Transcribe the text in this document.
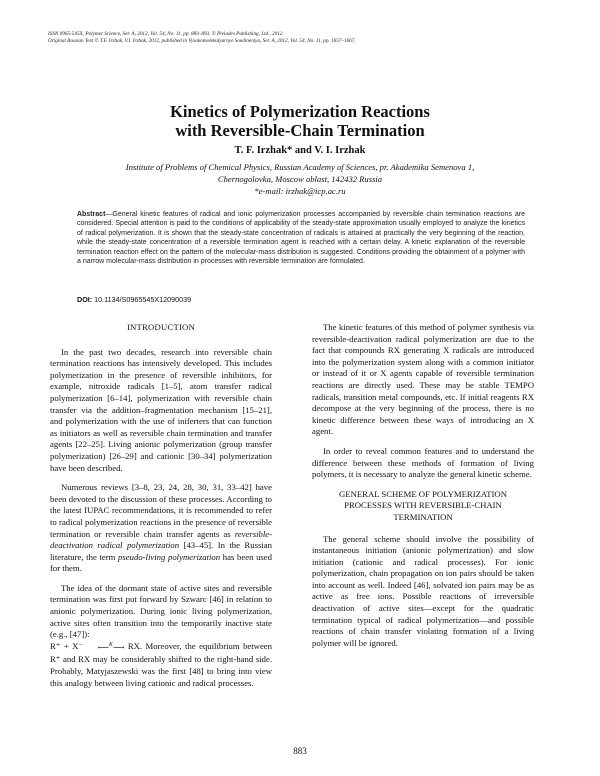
ISSN 0965-545X, Polymer Science, Ser. A, 2012, Vol. 54, No. 11, pp. 883–893. © Pleiades Publishing, Ltd., 2012.
Original Russian Text © T.F. Irzhak, V.I. Irzhak, 2012, published in Vysokomolekulyarnye Soedineniya, Ser. A, 2012, Vol. 54, No. 11, pp. 1657–1667.
Kinetics of Polymerization Reactions
with Reversible-Chain Termination
T. F. Irzhak* and V. I. Irzhak
Institute of Problems of Chemical Physics, Russian Academy of Sciences, pr. Akademika Semenova 1,
Chernogolovka, Moscow oblast, 142432 Russia
*e-mail: irzhak@icp.ac.ru
Abstract—General kinetic features of radical and ionic polymerization processes accompanied by reversible chain termination reactions are considered. Special attention is paid to the conditions of applicability of the steady-state approximation usually employed to analyze the kinetics of radical polymerization. It is shown that the steady-state concentration of radicals is attained at practically the very beginning of the reaction, while the steady-state concentration of a reversible termination agent is reached with a certain delay. A kinetic explanation of the reversible termination reaction effect on the pattern of the molecular-mass distribution is suggested. Conditions providing the obtainment of a polymer with a narrow molecular-mass distribution in processes with reversible termination are formulated.
DOI: 10.1134/S0965545X12090039
INTRODUCTION

In the past two decades, research into reversible chain termination reactions has intensively developed. This includes polymerization in the presence of reversible inhibitors, for example, nitroxide radicals [1–5], atom transfer radical polymerization [6–14], polymerization with reversible chain transfer via the addition–fragmentation mechanism [15–21], and polymerization with the use of iniferters that can function as initiators as well as reversible chain termination and transfer agents [22–25]. Living anionic polymerization (group transfer polymerization) [26–29] and cationic [30–34] polymerization have been described.

Numerous reviews [3–8, 23, 24, 28, 30, 31, 33–42] have been devoted to the discussion of these processes. According to the latest IUPAC recommendations, it is recommended to refer to radical polymerization reactions in the presence of reversible termination or reversible chain transfer agents as reversible-deactivation radical polymerization [43–45]. In the Russian literature, the term pseudo-living polymerization has been used for them.

The idea of the dormant state of active sites and reversible termination was first put forward by Szwarc [46] in relation to anionic polymerization. During ionic living polymerization, active sites often transition into the temporarily inactive state (e.g., [47]):
R⁺ + X⁻ ⟵$^K$⟶ RX. Moreover, the equilibrium between R⁺ and RX may be considerably shifted to the right-hand side. Probably, Matyjaszewski was the first [48] to bring into view this analogy between living cationic and radical processes.

The kinetic features of this method of polymer synthesis via reversible-deactivation radical polymerization are due to the fact that compounds RX generating X radicals are introduced into the polymerization system along with a common initiator or instead of it or X agents capable of reversible termination reactions are directly used. These may be stable TEMPO radicals, transition metal compounds, etc. If initial reagents RX decompose at the very beginning of the process, there is no kinetic difference between these ways of introducing an X agent.

In order to reveal common features and to understand the difference between these methods of formation of living polymers, it is necessary to analyze the general kinetic scheme.

GENERAL SCHEME OF POLYMERIZATION
PROCESSES WITH REVERSIBLE-CHAIN
TERMINATION

The general scheme should involve the possibility of instantaneous initiation (anionic polymerization) and slow initiation (cationic and radical processes). For ionic polymerization, chain propagation on ion pairs should be taken into account as well. Indeed [46], solvated ion pairs may be as active as free ions. Possible reactions of irreversible deactivation of active sites—except for the quadratic termination typical of radical polymerization—and possible reactions of chain transfer violating formation of a living polymer will be ignored.

883
